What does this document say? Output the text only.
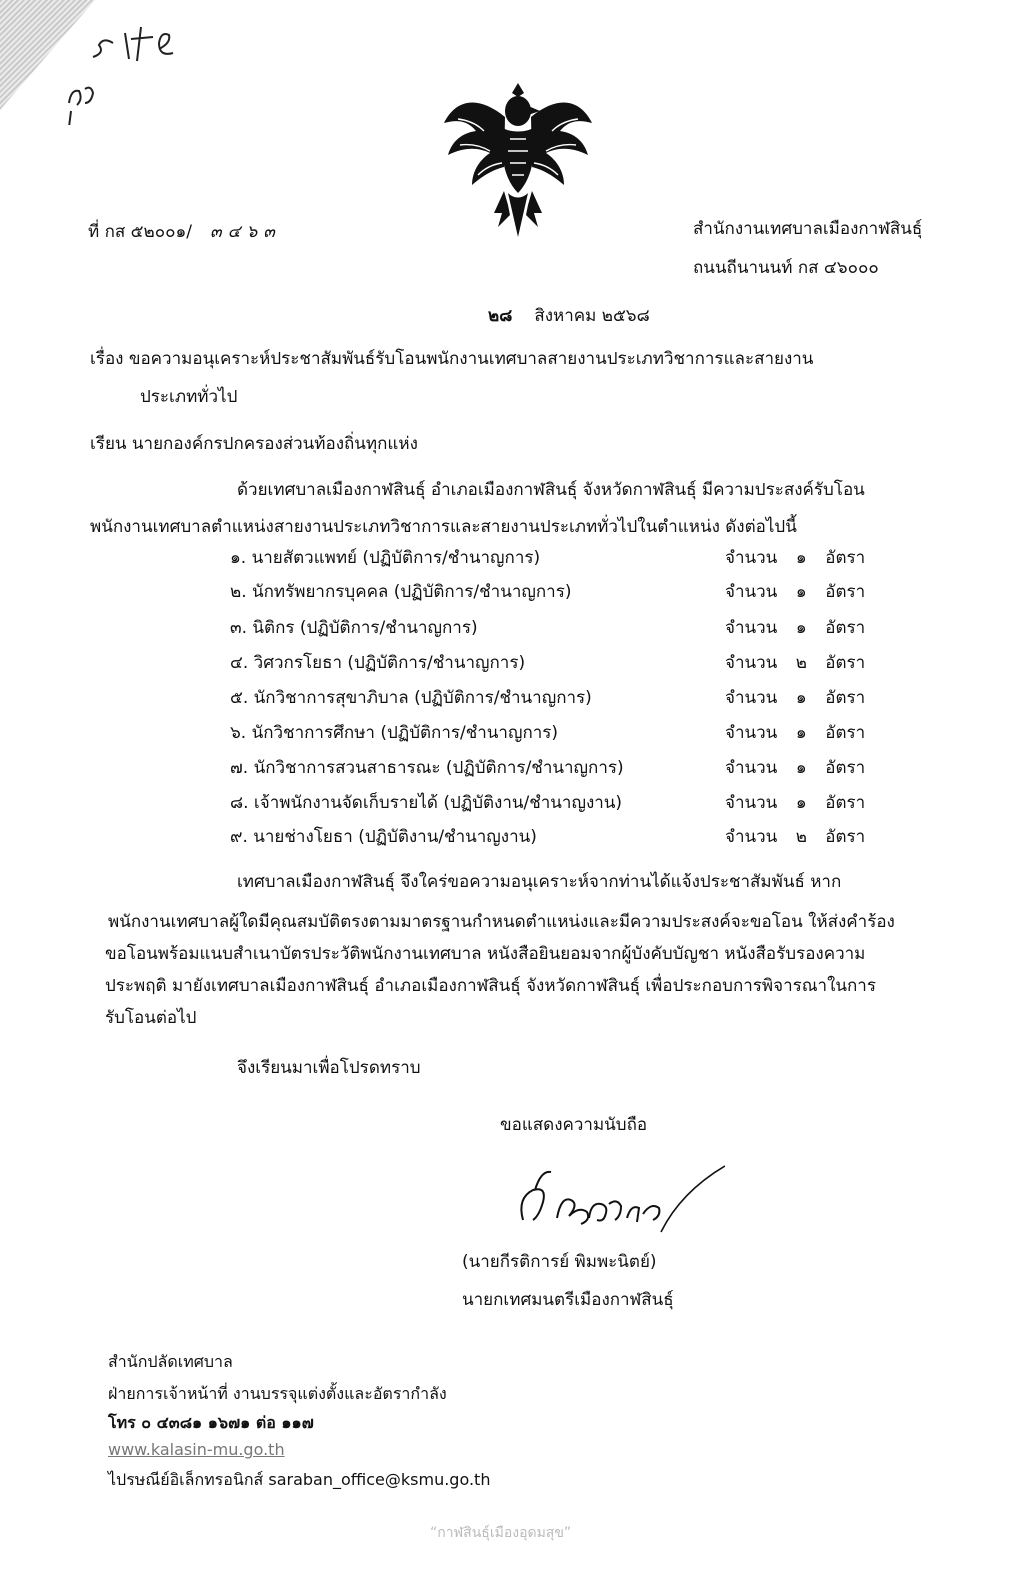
ที่ กส ๕๒๐๐๑/ ๓๔๖๓	สำนักงานเทศบาลเมืองกาฬสินธุ์
ถนนถีนานนท์ กส ๔๖๐๐๐
๒๘ สิงหาคม ๒๕๖๘
เรื่อง ขอความอนุเคราะห์ประชาสัมพันธ์รับโอนพนักงานเทศบาลสายงานประเภทวิชาการและสายงาน
ประเภททั่วไป
เรียน นายกองค์กรปกครองส่วนท้องถิ่นทุกแห่ง
ด้วยเทศบาลเมืองกาฬสินธุ์ อำเภอเมืองกาฬสินธุ์ จังหวัดกาฬสินธุ์ มีความประสงค์รับโอน
พนักงานเทศบาลตำแหน่งสายงานประเภทวิชาการและสายงานประเภททั่วไปในตำแหน่ง ดังต่อไปนี้
๑. นายสัตวแพทย์ (ปฏิบัติการ/ชำนาญการ)	จำนวน ๑ อัตรา
๒. นักทรัพยากรบุคคล (ปฏิบัติการ/ชำนาญการ)	จำนวน ๑ อัตรา
๓. นิติกร (ปฏิบัติการ/ชำนาญการ)	จำนวน ๑ อัตรา
๔. วิศวกรโยธา (ปฏิบัติการ/ชำนาญการ)	จำนวน ๒ อัตรา
๕. นักวิชาการสุขาภิบาล (ปฏิบัติการ/ชำนาญการ)	จำนวน ๑ อัตรา
๖. นักวิชาการศึกษา (ปฏิบัติการ/ชำนาญการ)	จำนวน ๑ อัตรา
๗. นักวิชาการสวนสาธารณะ (ปฏิบัติการ/ชำนาญการ)	จำนวน ๑ อัตรา
๘. เจ้าพนักงานจัดเก็บรายได้ (ปฏิบัติงาน/ชำนาญงาน)	จำนวน ๑ อัตรา
๙. นายช่างโยธา (ปฏิบัติงาน/ชำนาญงาน)	จำนวน ๒ อัตรา
เทศบาลเมืองกาฬสินธุ์ จึงใคร่ขอความอนุเคราะห์จากท่านได้แจ้งประชาสัมพันธ์ หาก
พนักงานเทศบาลผู้ใดมีคุณสมบัติตรงตามมาตรฐานกำหนดตำแหน่งและมีความประสงค์จะขอโอน ให้ส่งคำร้อง
ขอโอนพร้อมแนบสำเนาบัตรประวัติพนักงานเทศบาล หนังสือยินยอมจากผู้บังคับบัญชา หนังสือรับรองความ
ประพฤติ มายังเทศบาลเมืองกาฬสินธุ์ อำเภอเมืองกาฬสินธุ์ จังหวัดกาฬสินธุ์ เพื่อประกอบการพิจารณาในการ
รับโอนต่อไป
จึงเรียนมาเพื่อโปรดทราบ
ขอแสดงความนับถือ
(นายกีรติการย์ พิมพะนิตย์)
นายกเทศมนตรีเมืองกาฬสินธุ์
สำนักปลัดเทศบาล
ฝ่ายการเจ้าหน้าที่ งานบรรจุแต่งตั้งและอัตรากำลัง
โทร ๐ ๔๓๘๑ ๑๖๗๑ ต่อ ๑๑๗
www.kalasin-mu.go.th
ไปรษณีย์อิเล็กทรอนิกส์ saraban_office@ksmu.go.th
“กาฬสินธุ์เมืองอุดมสุข”
